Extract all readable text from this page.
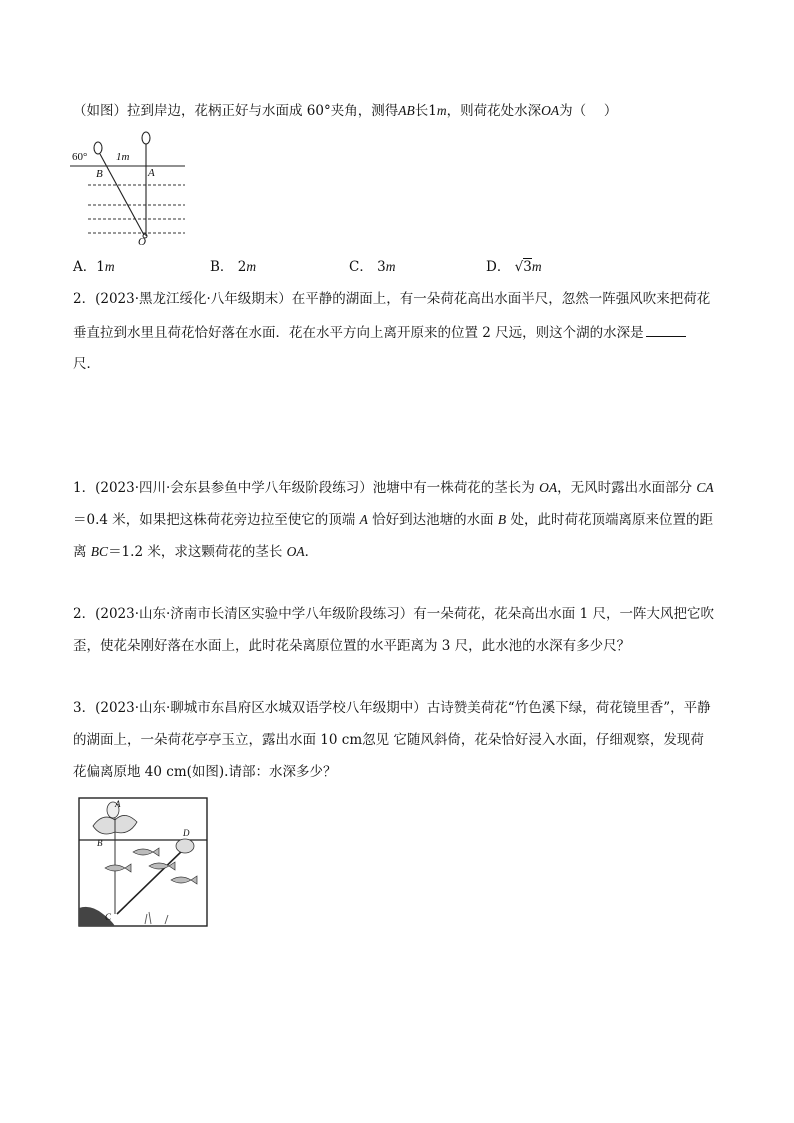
（如图）拉到岸边，花柄正好与水面成 60°夹角，测得AB长1m，则荷花处水深OA为（　 ）
60°	1m
B	A
O
A．1m	B． 2m	C． 3m	D． √3m
2．(2023·黑龙江绥化·八年级期末）在平静的湖面上，有一朵荷花高出水面半尺，忽然一阵强风吹来把荷花
垂直拉到水里且荷花恰好落在水面．花在水平方向上离开原来的位置 2 尺远，则这个湖的水深是
尺．
1．(2023·四川·会东县参鱼中学八年级阶段练习）池塘中有一株荷花的茎长为 OA，无风时露出水面部分 CA
＝0.4 米，如果把这株荷花旁边拉至使它的顶端 A 恰好到达池塘的水面 B 处，此时荷花顶端离原来位置的距
离 BC＝1.2 米，求这颗荷花的茎长 OA．
2．(2023·山东·济南市长清区实验中学八年级阶段练习）有一朵荷花，花朵高出水面 1 尺，一阵大风把它吹
歪，使花朵刚好落在水面上，此时花朵离原位置的水平距离为 3 尺，此水池的水深有多少尺？
3．(2023·山东·聊城市东昌府区水城双语学校八年级期中）古诗赞美荷花“竹色溪下绿，荷花镜里香”，平静
的湖面上，一朵荷花亭亭玉立，露出水面 10 cm忽见 它随风斜倚，花朵恰好浸入水面，仔细观察，发现荷
花偏离原地 40 cm(如图).请部：水深多少？
A
B
C
D
